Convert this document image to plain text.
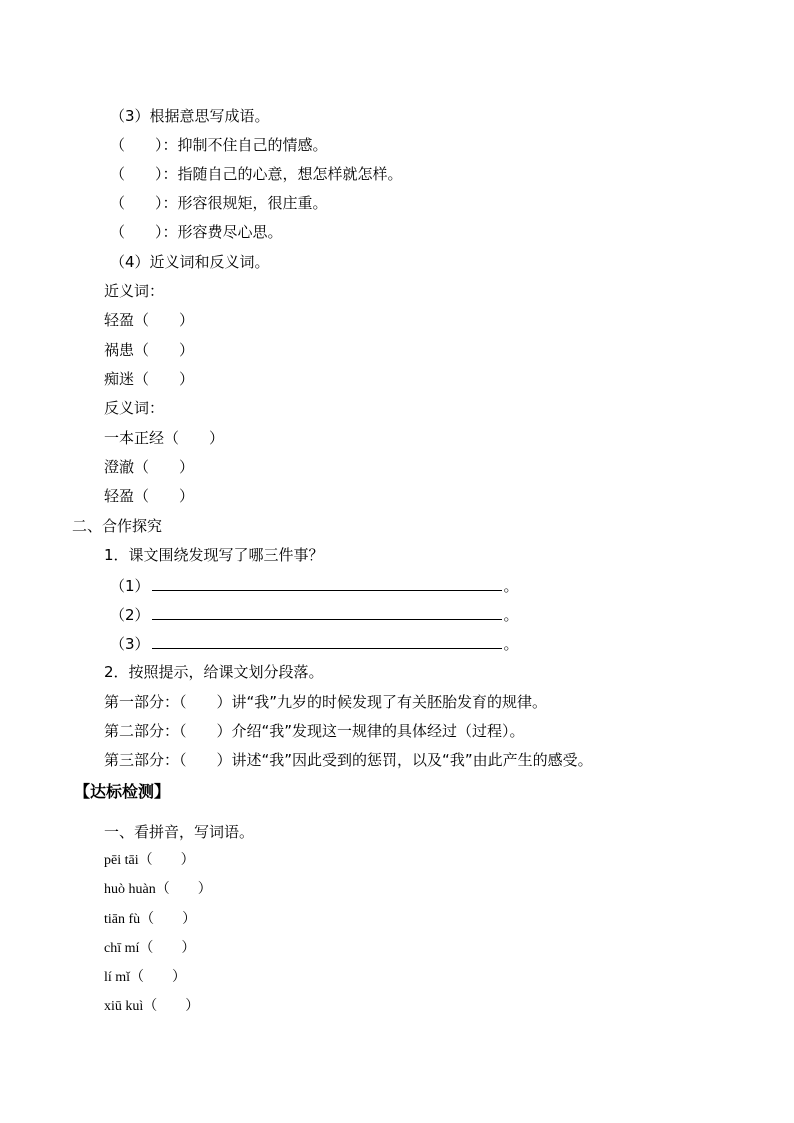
（3）根据意思写成语。
（　　）：抑制不住自己的情感。
（　　）：指随自己的心意，想怎样就怎样。
（　　）：形容很规矩，很庄重。
（　　）：形容费尽心思。
（4）近义词和反义词。
近义词：
轻盈（　　）
祸患（　　）
痴迷（　　）
反义词：
一本正经（　　）
澄澈（　　）
轻盈（　　）
二、合作探究
1．课文围绕发现写了哪三件事？
（1）	。
（2）	。
（3）	。
2．按照提示，给课文划分段落。
第一部分：（　　）讲“我”九岁的时候发现了有关胚胎发育的规律。
第二部分：（　　）介绍“我”发现这一规律的具体经过（过程）。
第三部分：（　　）讲述“我”因此受到的惩罚，以及“我”由此产生的感受。
【达标检测】
一、看拼音，写词语。
pēi tāi（　　）
huò huàn（　　）
tiān fù（　　）
chī mí（　　）
lí mǐ（　　）
xiū kuì（　　）
